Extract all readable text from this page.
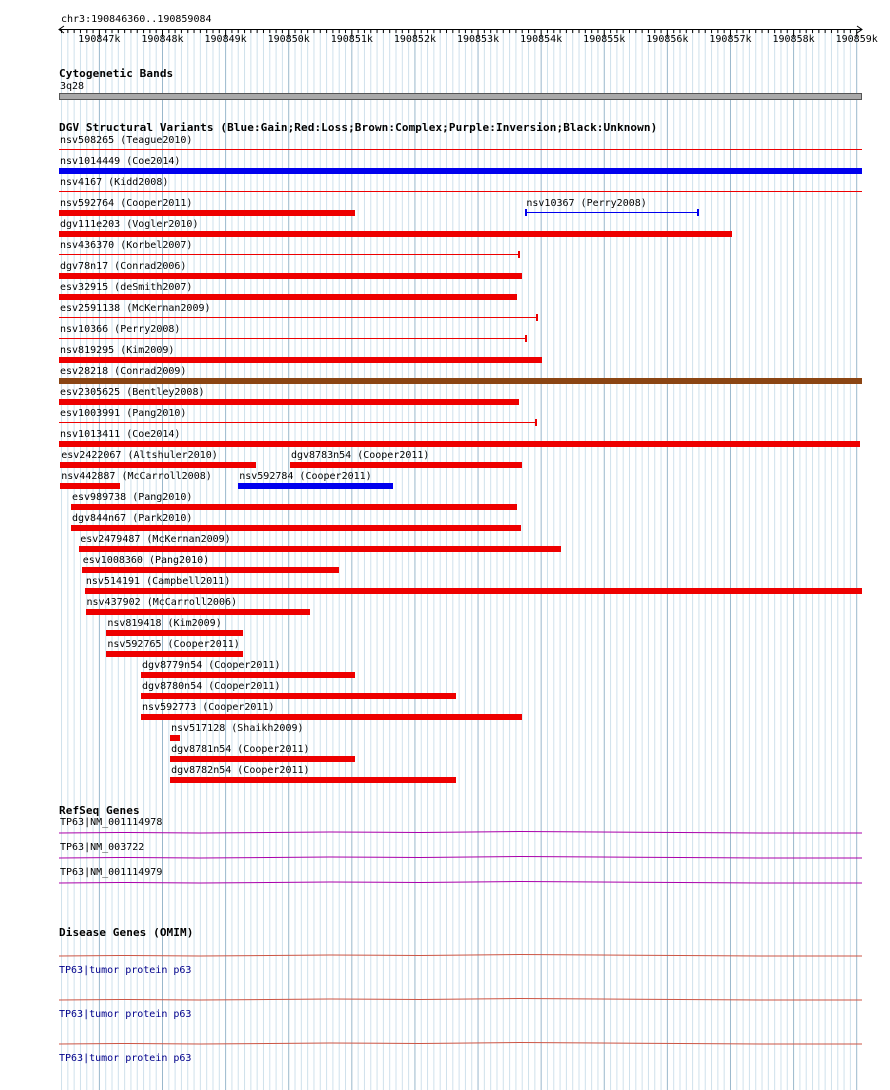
chr3:190846360..190859084
190847k 190848k 190849k 190850k 190851k 190852k 190853k 190854k 190855k 190856k 190857k 190858k 190859k
Cytogenetic Bands
3q28
DGV Structural Variants (Blue:Gain;Red:Loss;Brown:Complex;Purple:Inversion;Black:Unknown)
nsv508265 (Teague2010)
nsv1014449 (Coe2014)
nsv4167 (Kidd2008)
nsv592764 (Cooper2011)	nsv10367 (Perry2008)
dgv111e203 (Vogler2010)
nsv436370 (Korbel2007)
dgv78n17 (Conrad2006)
esv32915 (deSmith2007)
esv2591138 (McKernan2009)
nsv10366 (Perry2008)
nsv819295 (Kim2009)
esv28218 (Conrad2009)
esv2305625 (Bentley2008)
esv1003991 (Pang2010)
nsv1013411 (Coe2014)
esv2422067 (Altshuler2010)	dgv8783n54 (Cooper2011)
nsv442887 (McCarroll2008)	nsv592784 (Cooper2011)
esv989738 (Pang2010)
dgv844n67 (Park2010)
esv2479487 (McKernan2009)
esv1008360 (Pang2010)
nsv514191 (Campbell2011)
nsv437902 (McCarroll2006)
nsv819418 (Kim2009)
nsv592765 (Cooper2011)
dgv8779n54 (Cooper2011)
dgv8780n54 (Cooper2011)
nsv592773 (Cooper2011)
nsv517128 (Shaikh2009)
dgv8781n54 (Cooper2011)
dgv8782n54 (Cooper2011)
RefSeq Genes
TP63|NM_001114978
TP63|NM_003722
TP63|NM_001114979
Disease Genes (OMIM)
TP63|tumor protein p63
TP63|tumor protein p63
TP63|tumor protein p63
